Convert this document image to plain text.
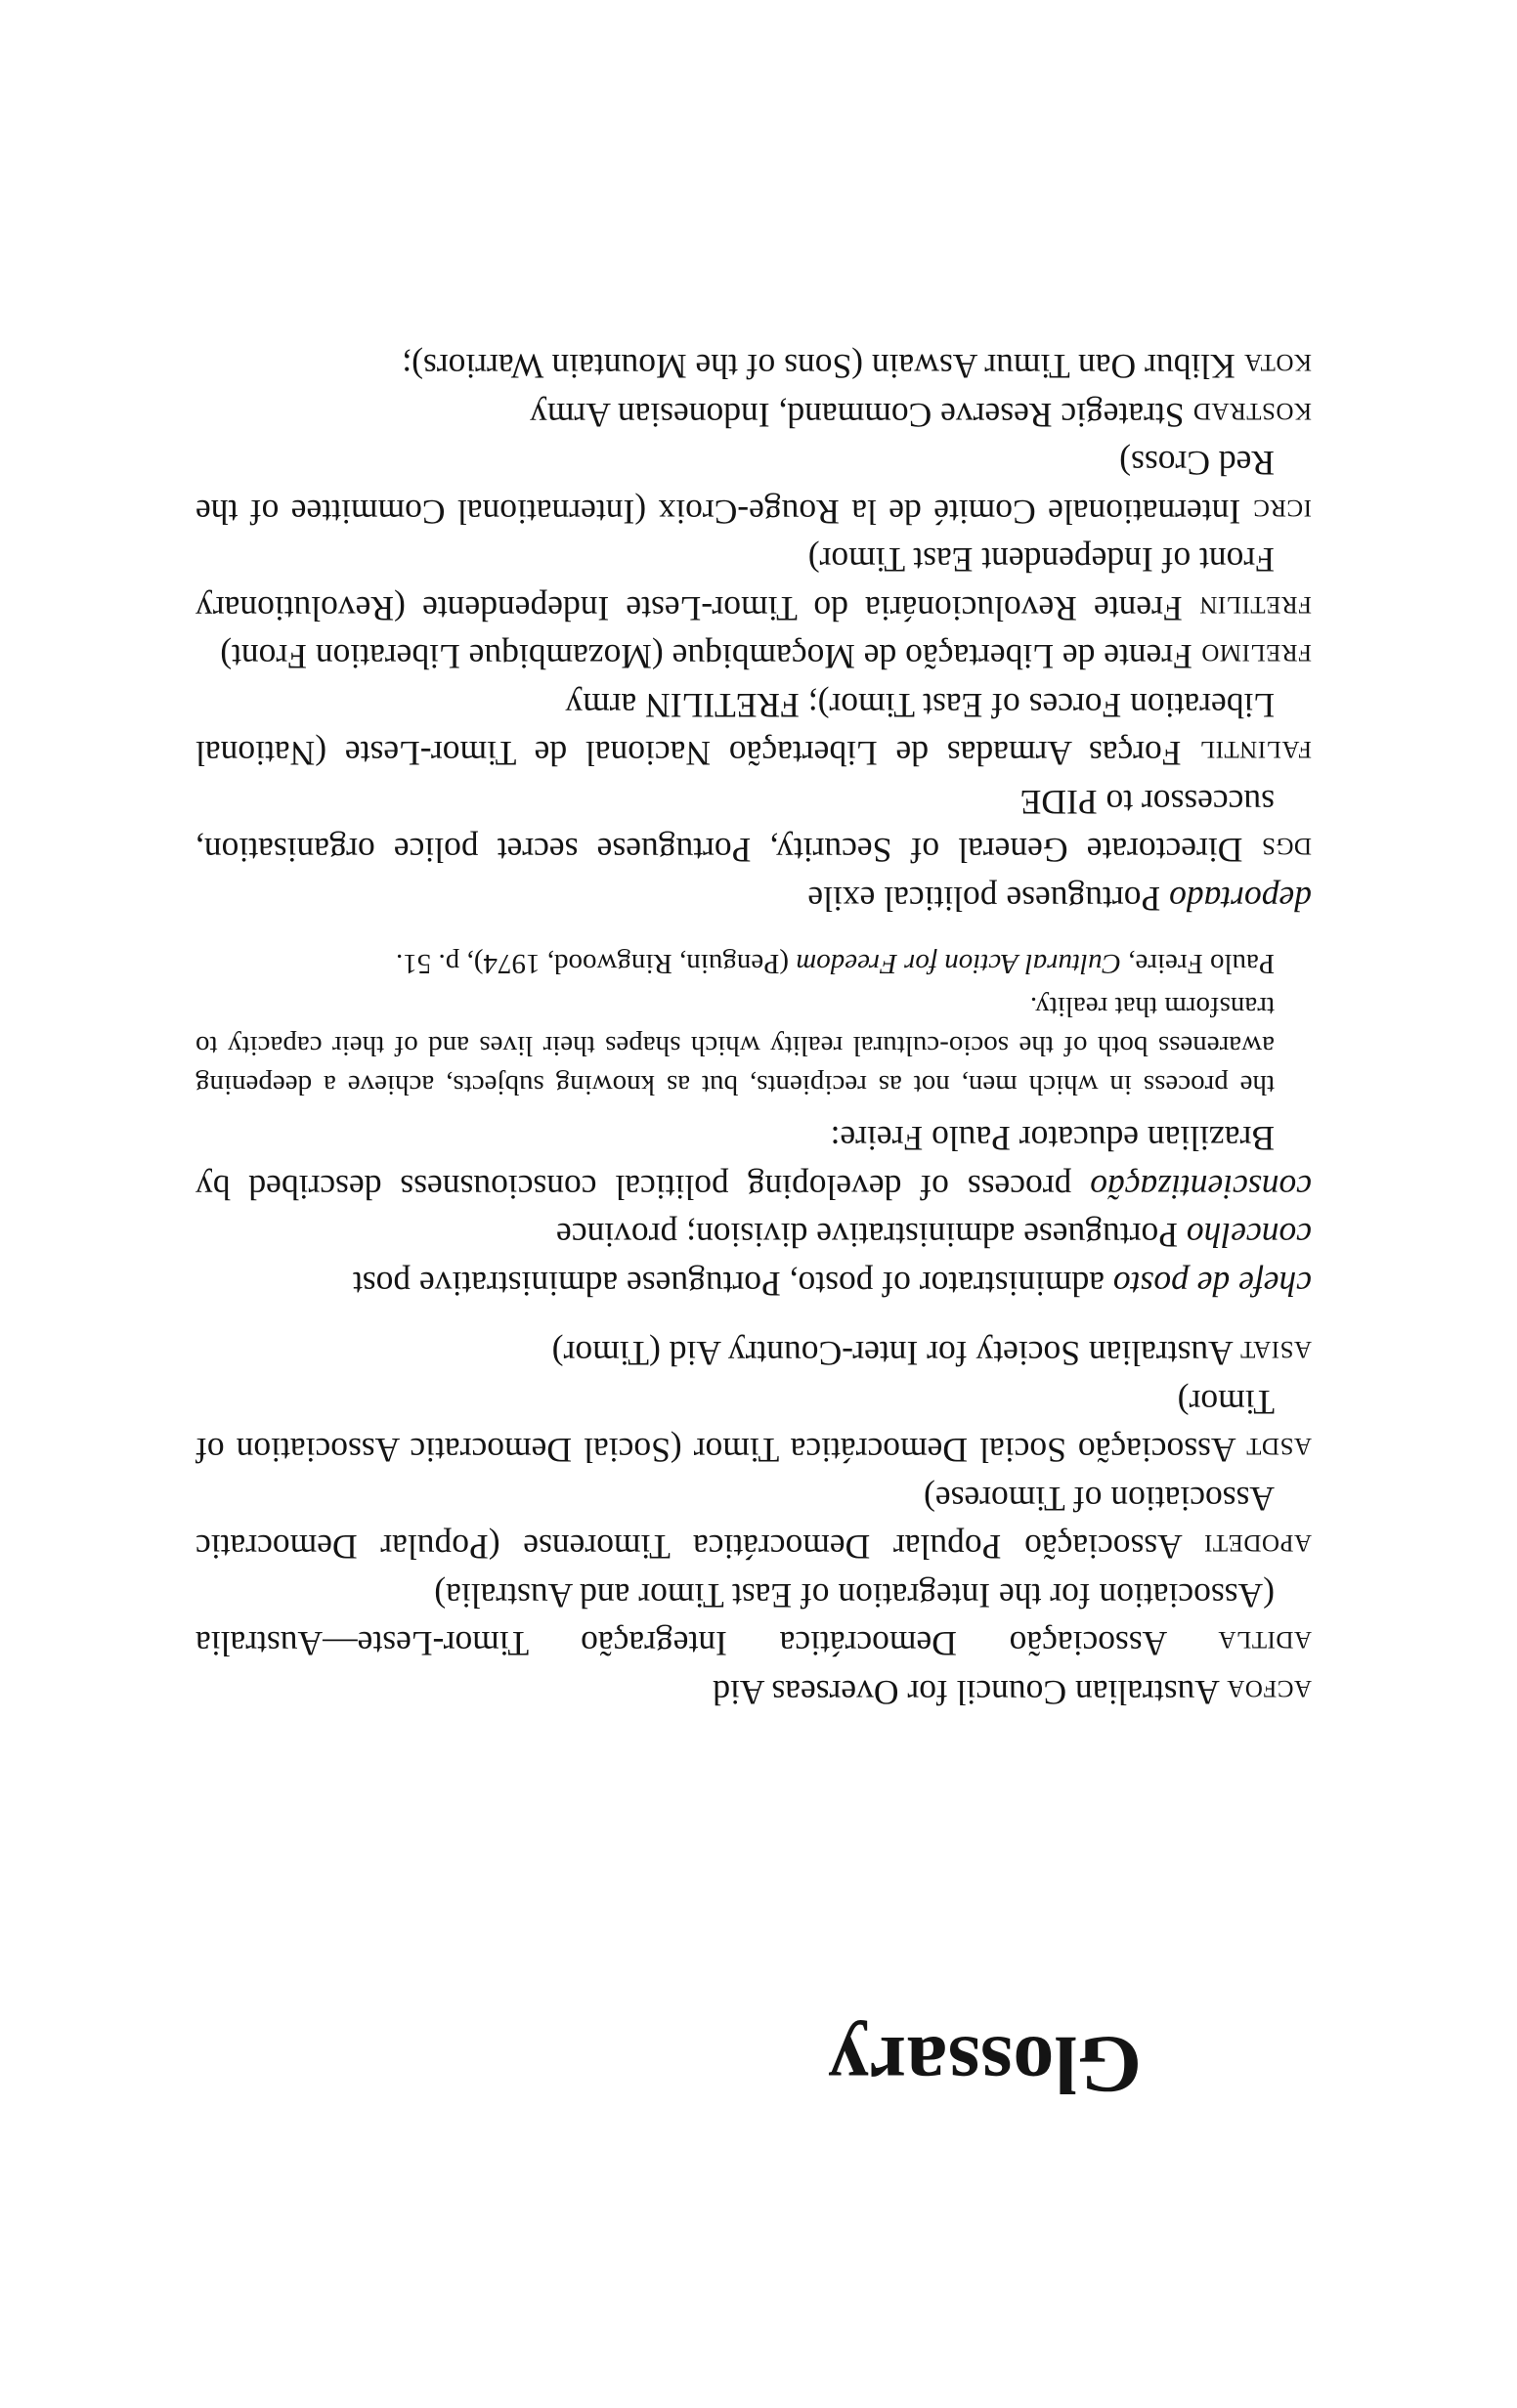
Glossary
acfoa Australian Council for Overseas Aid
aditla Associação Democrática Integração Timor-Leste—Australia (Association for the Integration of East Timor and Australia)
apodeti Associação Popular Democrática Timorense (Popular Democratic Association of Timorese)
asdt Associação Social Democrática Timor (Social Democratic Association of Timor)
asiat Australian Society for Inter-Country Aid (Timor)
chefe de posto administrator of posto, Portuguese administrative post
concelho Portuguese administrative division; province
conscientização process of developing political consciousness described by Brazilian educator Paulo Freire:
the process in which men, not as recipients, but as knowing subjects, achieve a deepening awareness both of the socio-cultural reality which shapes their lives and of their capacity to transform that reality.
Paulo Freire, Cultural Action for Freedom (Penguin, Ringwood, 1974), p. 51.
deportado Portuguese political exile
dgs Directorate General of Security, Portuguese secret police organisation, successor to PIDE
falintil Forças Armadas de Libertação Nacional de Timor-Leste (National Liberation Forces of East Timor); FRETILIN army
frelimo Frente de Libertação de Moçambique (Mozambique Liberation Front)
fretilin Frente Revolucionária do Timor-Leste Independente (Revolutionary Front of Independent East Timor)
icrc Internationale Comité de la Rouge-Croix (International Committee of the Red Cross)
kostrad Strategic Reserve Command, Indonesian Army
kota Klibur Oan Timur Aswain (Sons of the Mountain Warriors);
